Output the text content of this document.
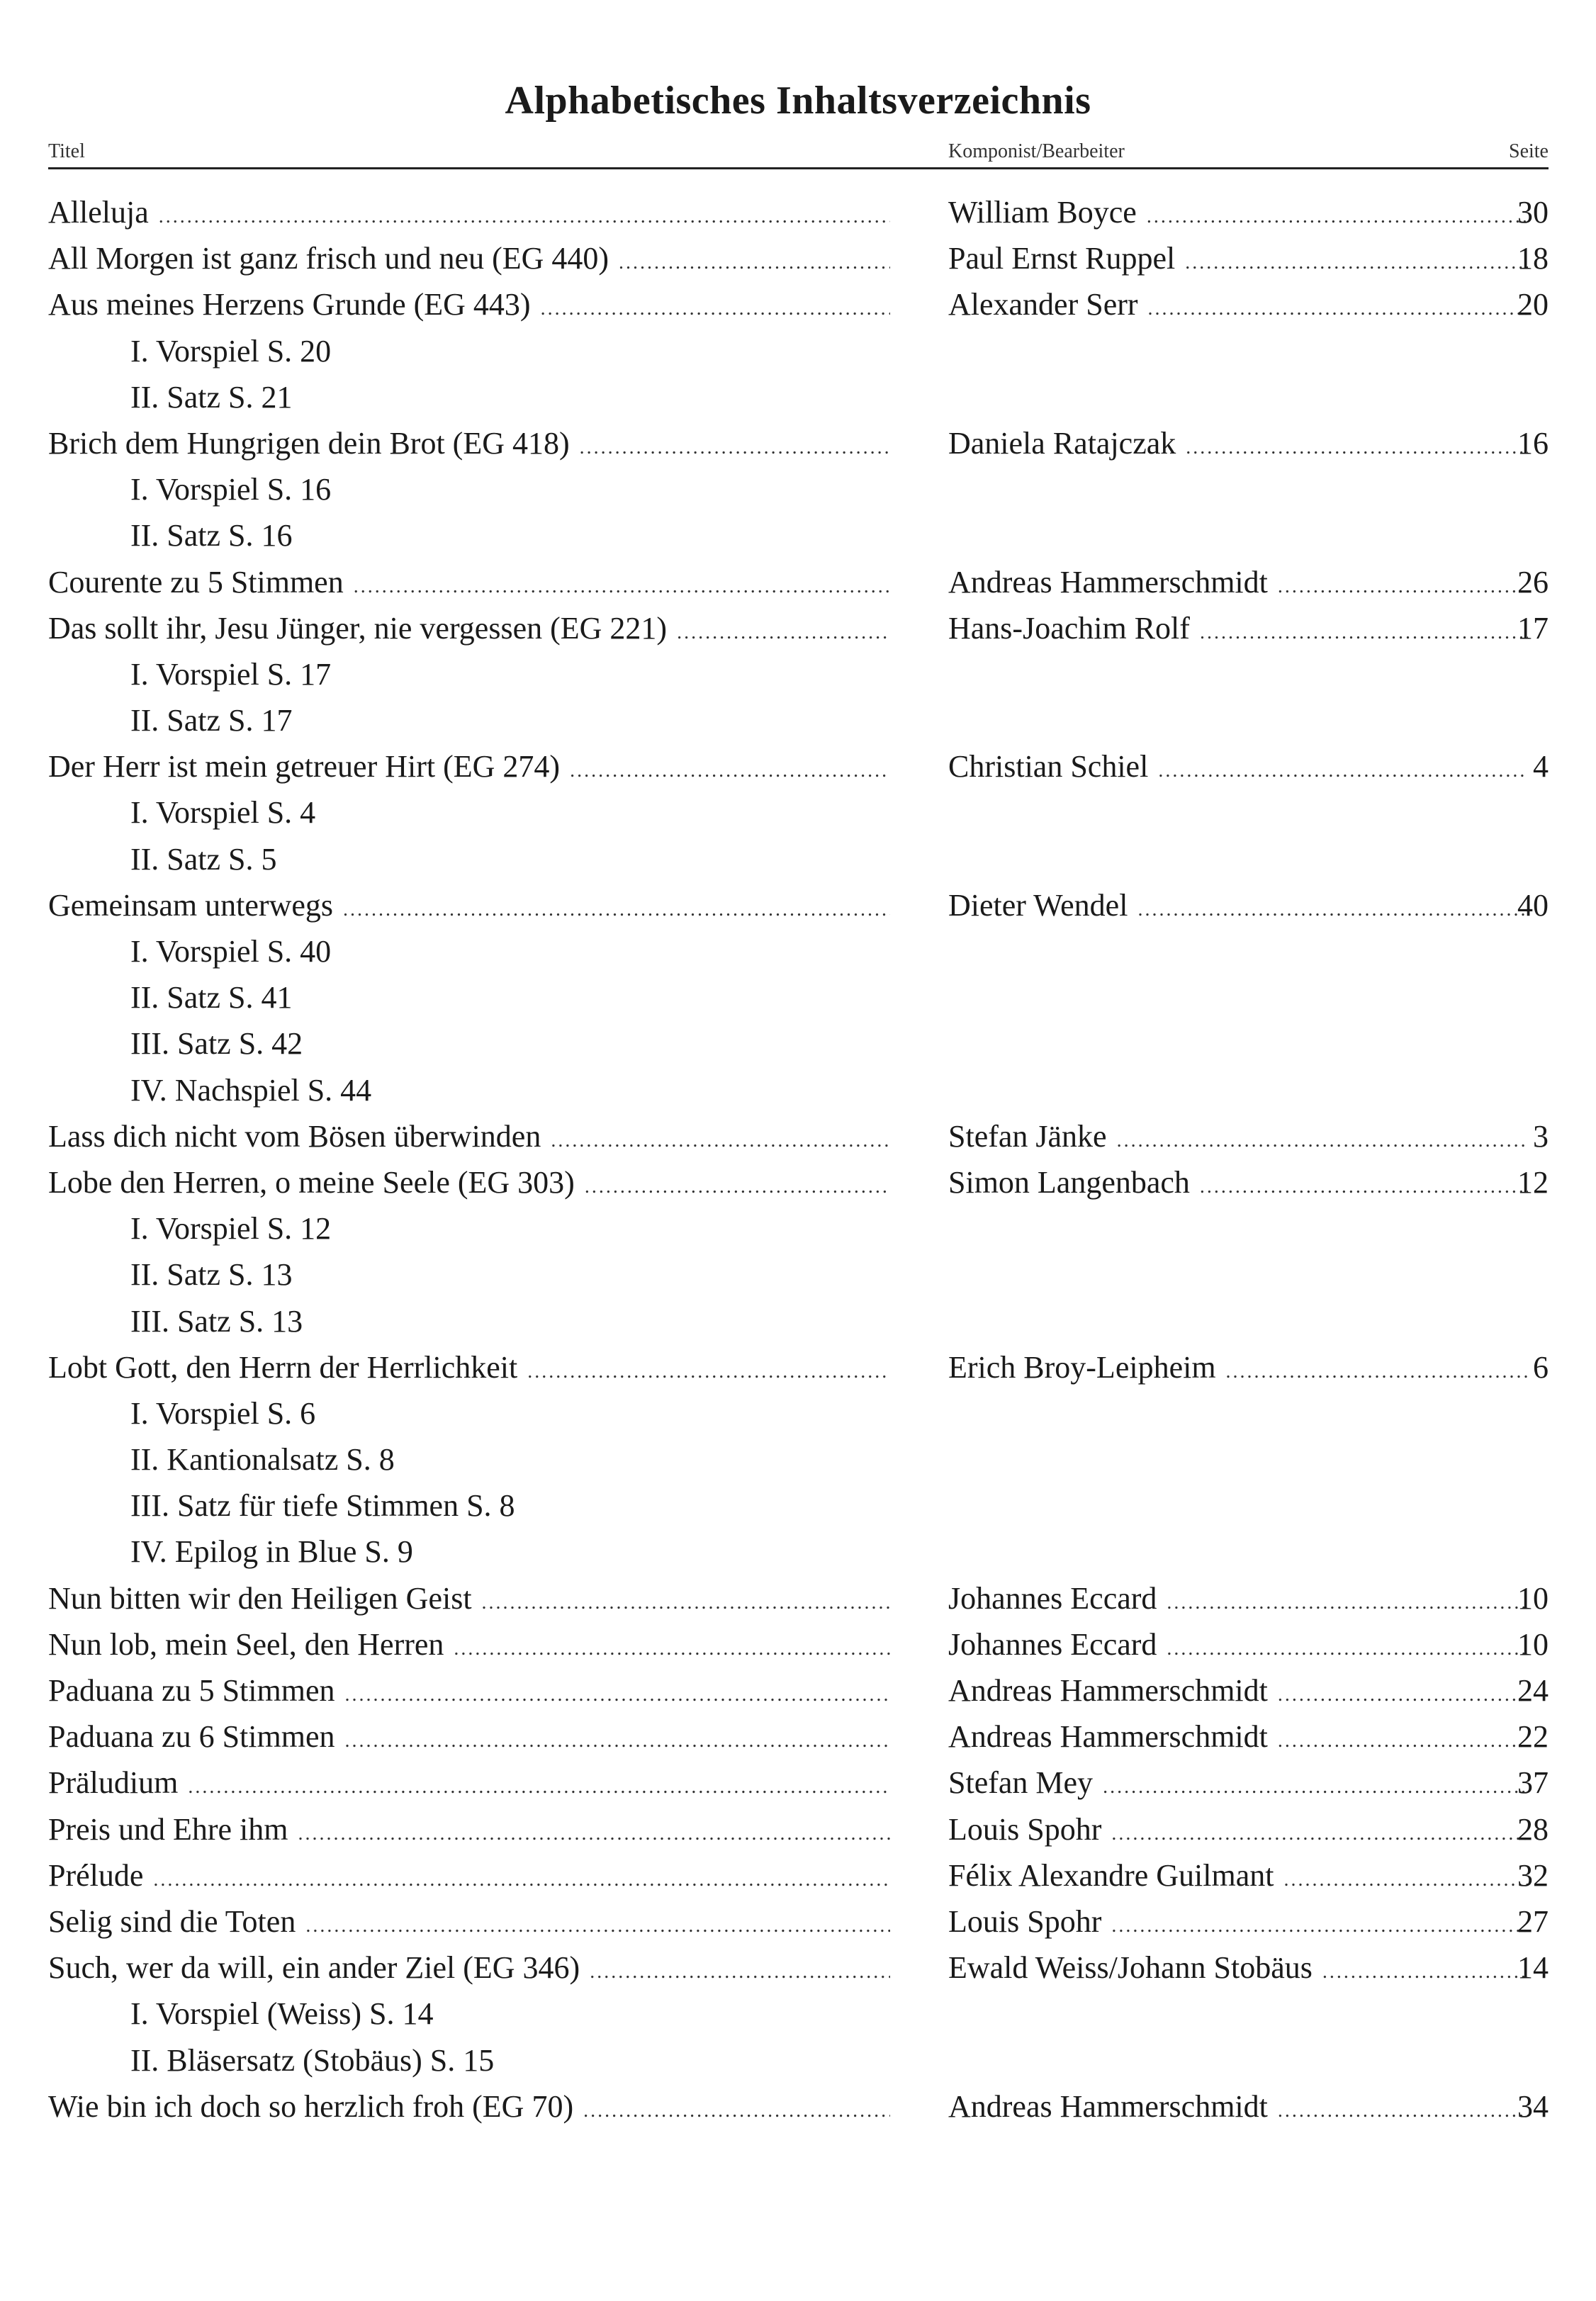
Alphabetisches Inhaltsverzeichnis
Titel	Komponist/Bearbeiter	Seite
Alleluja .....	William Boyce .....	30
All Morgen ist ganz frisch und neu (EG 440) .....	Paul Ernst Ruppel .....	18
Aus meines Herzens Grunde (EG 443) .....	Alexander Serr .....	20
I. Vorspiel S. 20
II. Satz S. 21
Brich dem Hungrigen dein Brot (EG 418) .....	Daniela Ratajczak .....	16
I. Vorspiel S. 16
II. Satz S. 16
Courente zu 5 Stimmen .....	Andreas Hammerschmidt .....	26
Das sollt ihr, Jesu Jünger, nie vergessen (EG 221) .....	Hans-Joachim Rolf .....	17
I. Vorspiel S. 17
II. Satz S. 17
Der Herr ist mein getreuer Hirt (EG 274) .....	Christian Schiel .....	4
I. Vorspiel S. 4
II. Satz S. 5
Gemeinsam unterwegs .....	Dieter Wendel .....	40
I. Vorspiel S. 40
II. Satz S. 41
III. Satz S. 42
IV. Nachspiel S. 44
Lass dich nicht vom Bösen überwinden .....	Stefan Jänke .....	3
Lobe den Herren, o meine Seele (EG 303) .....	Simon Langenbach .....	12
I. Vorspiel S. 12
II. Satz S. 13
III. Satz S. 13
Lobt Gott, den Herrn der Herrlichkeit .....	Erich Broy-Leipheim .....	6
I. Vorspiel S. 6
II. Kantionalsatz S. 8
III. Satz für tiefe Stimmen S. 8
IV. Epilog in Blue S. 9
Nun bitten wir den Heiligen Geist .....	Johannes Eccard .....	10
Nun lob, mein Seel, den Herren .....	Johannes Eccard .....	10
Paduana zu 5 Stimmen .....	Andreas Hammerschmidt .....	24
Paduana zu 6 Stimmen .....	Andreas Hammerschmidt .....	22
Präludium .....	Stefan Mey .....	37
Preis und Ehre ihm .....	Louis Spohr .....	28
Prélude .....	Félix Alexandre Guilmant .....	32
Selig sind die Toten .....	Louis Spohr .....	27
Such, wer da will, ein ander Ziel (EG 346) .....	Ewald Weiss/Johann Stobäus .....	14
I. Vorspiel (Weiss) S. 14
II. Bläsersatz (Stobäus) S. 15
Wie bin ich doch so herzlich froh (EG 70) .....	Andreas Hammerschmidt .....	34
